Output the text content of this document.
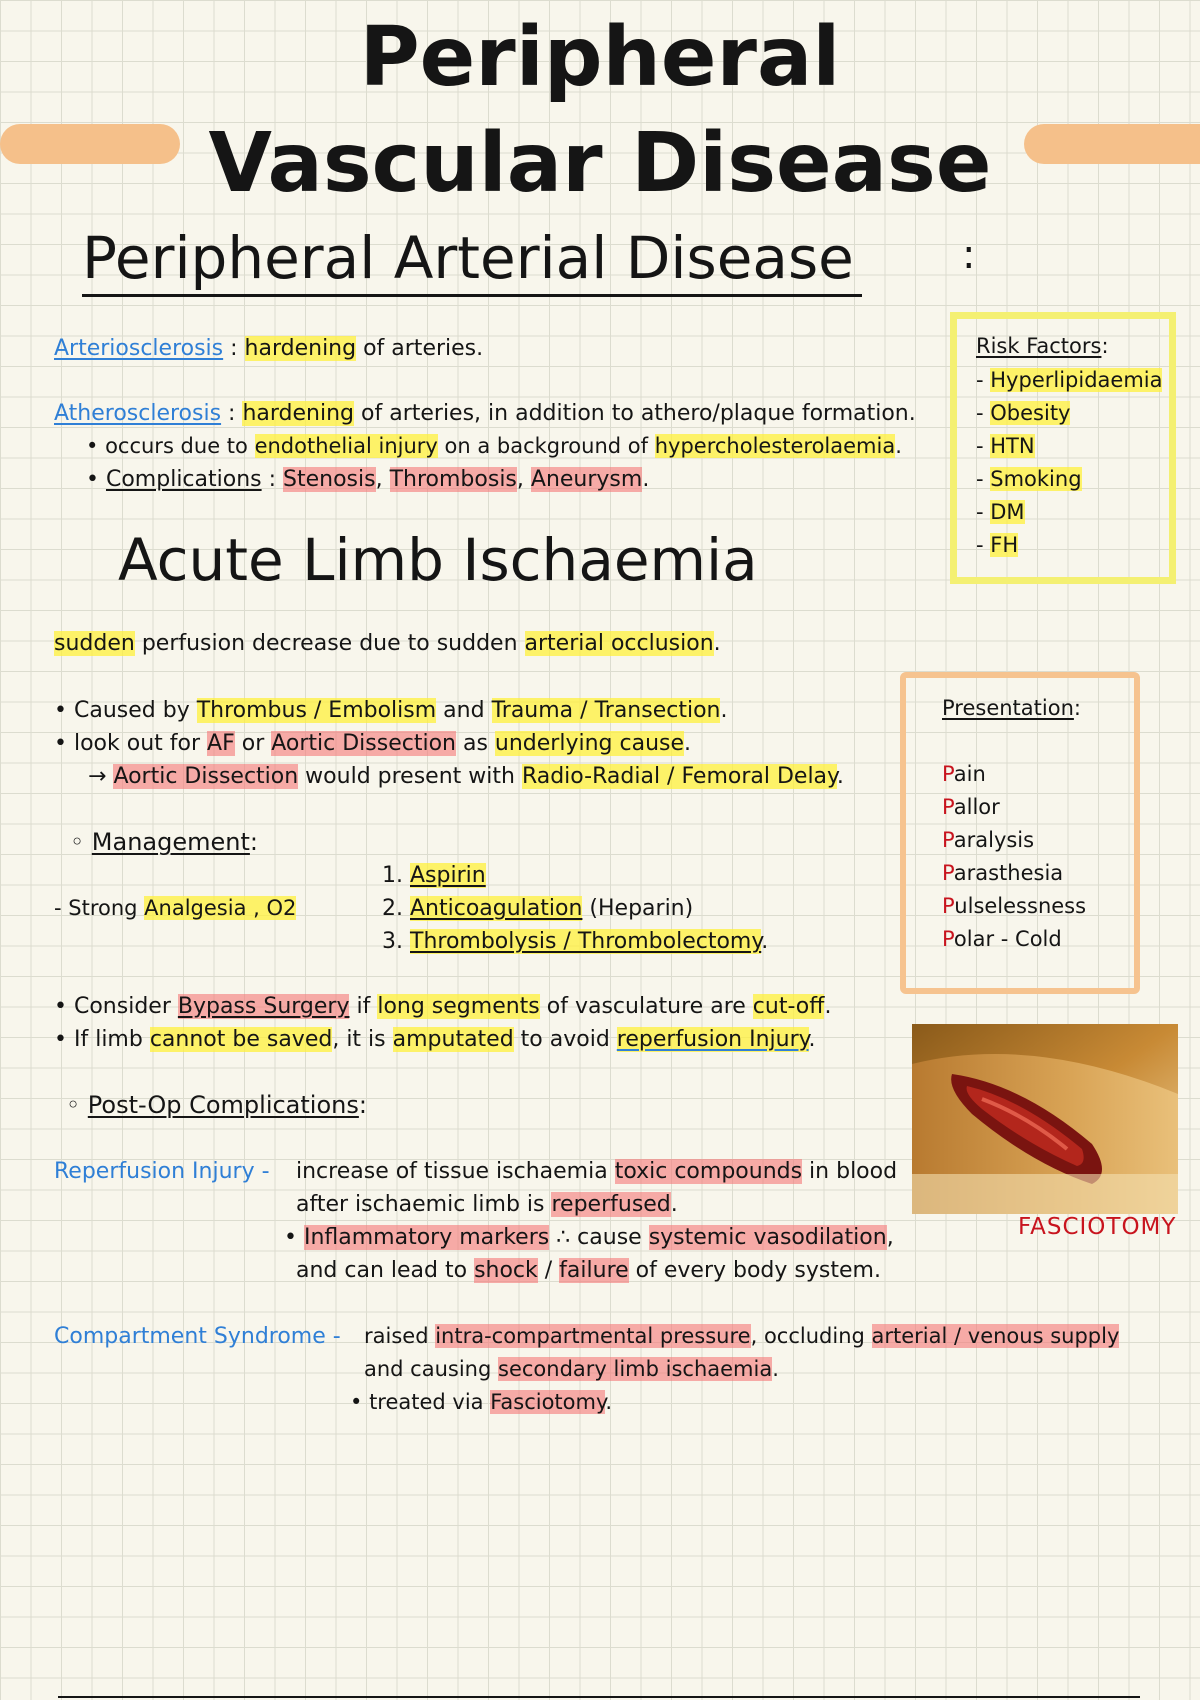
Peripheral
Vascular Disease
Peripheral Arterial Disease	:
Arteriosclerosis : hardening of arteries.
Atherosclerosis : hardening of arteries, in addition to athero/plaque formation.
• occurs due to endothelial injury on a background of hypercholesterolaemia.
• Complications : Stenosis, Thrombosis, Aneurysm.
Risk Factors:
- Hyperlipidaemia
- Obesity
- HTN
- Smoking
- DM
- FH
Acute Limb Ischaemia
sudden perfusion decrease due to sudden arterial occlusion.
• Caused by Thrombus / Embolism and Trauma / Transection.
• look out for AF or Aortic Dissection as underlying cause.
→ Aortic Dissection would present with Radio-Radial / Femoral Delay.
◦ Management:
- Strong Analgesia , O2
1. Aspirin
2. Anticoagulation (Heparin)
3. Thrombolysis / Thrombolectomy.
Presentation:
Pain
Pallor
Paralysis
Parasthesia
Pulselessness
Polar - Cold
• Consider Bypass Surgery if long segments of vasculature are cut-off.
• If limb cannot be saved, it is amputated to avoid reperfusion Injury.
◦ Post-Op Complications:
FASCIOTOMY
Reperfusion Injury - increase of tissue ischaemia toxic compounds in blood
after ischaemic limb is reperfused.
• Inflammatory markers ∴ cause systemic vasodilation,
and can lead to shock / failure of every body system.
Compartment Syndrome - raised intra-compartmental pressure, occluding arterial / venous supply
and causing secondary limb ischaemia.
• treated via Fasciotomy.
